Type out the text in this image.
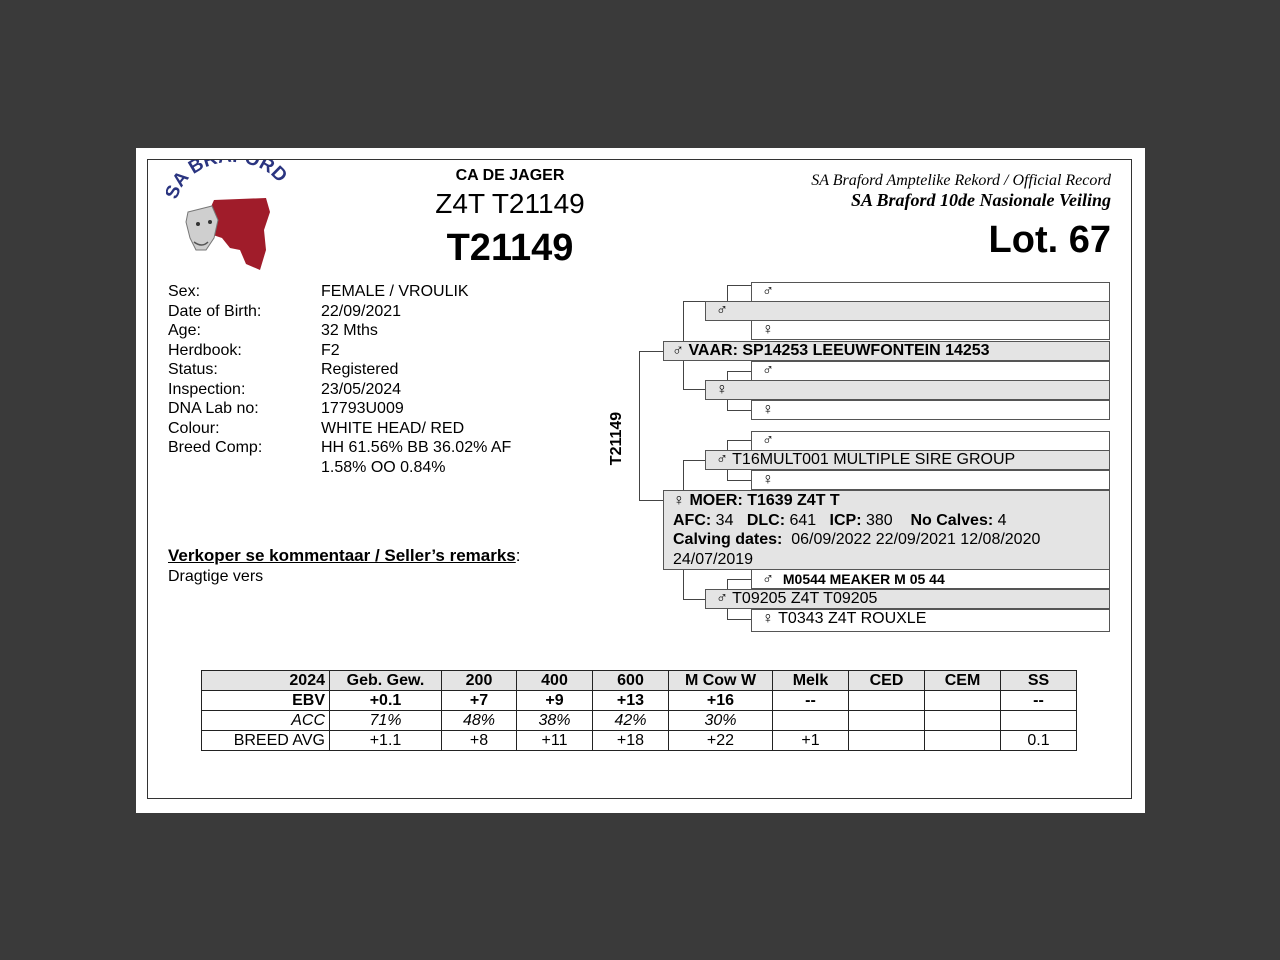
A B RD	CA DE JAGER
Z4T T21149
T21149
SA Braford Amptelike Rekord / Official Record
SA Braford 10de Nasionale Veiling
Lot. 67
Sex:	FEMALE / VROULIK
Date of Birth:	22/09/2021
Age:	32 Mths
Herdbook:	F2
Status:	Registered
Inspection:	23/05/2024
DNA Lab no:	17793U009
Colour:	WHITE HEAD/ RED
Breed Comp:	HH 61.56% BB 36.02% AF
1.58% OO 0.84%
Verkoper se kommentaar / Seller’s remarks:
Dragtige vers
T21149
♂
♂
♀
♂ VAAR: SP14253 LEEUWFONTEIN 14253
♂
♀
♀
♂
♂ T16MULT001 MULTIPLE SIRE GROUP
♀
♀ MOER: T1639 Z4T T
AFC: 34 DLC: 641 ICP: 380 No Calves: 4
Calving dates: 06/09/2022 22/09/2021 12/08/2020
24/07/2019
♂ M0544 MEAKER M 05 44
♂ T09205 Z4T T09205
♀ T0343 Z4T ROUXLE
2024	Geb. Gew.	200	400	600	M Cow W	Melk	CED	CEM	SS
EBV	+0.1	+7	+9	+13	+16	--			--
ACC	71%	48%	38%	42%	30%				
BREED AVG	+1.1	+8	+11	+18	+22	+1			0.1
